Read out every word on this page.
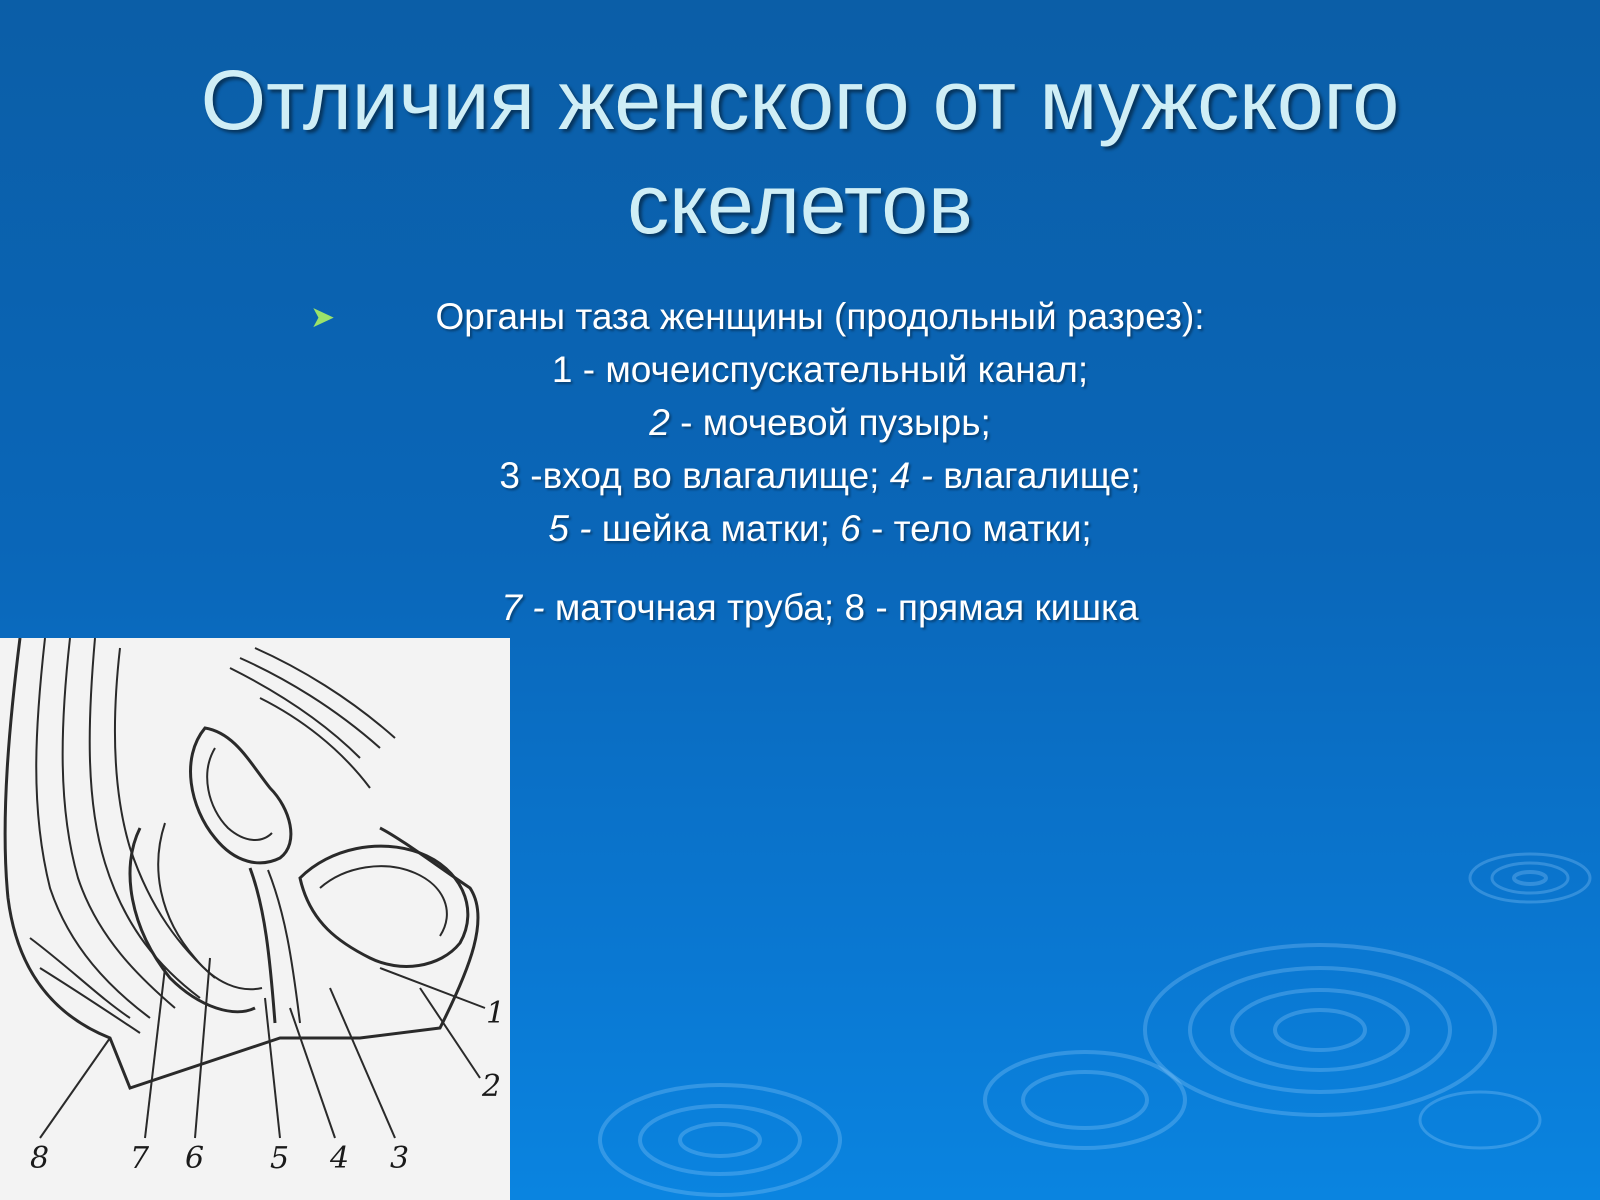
Отличия женского от мужского
скелетов
➤	Органы таза женщины (продольный разрез):
1 - мочеиспускательный канал;
2 - мочевой пузырь;
3 -вход во влагалище; 4 - влагалище;
5 - шейка матки; 6 - тело матки;
7 - маточная труба; 8 - прямая кишка
8	7 6 5 4 3
1
2
